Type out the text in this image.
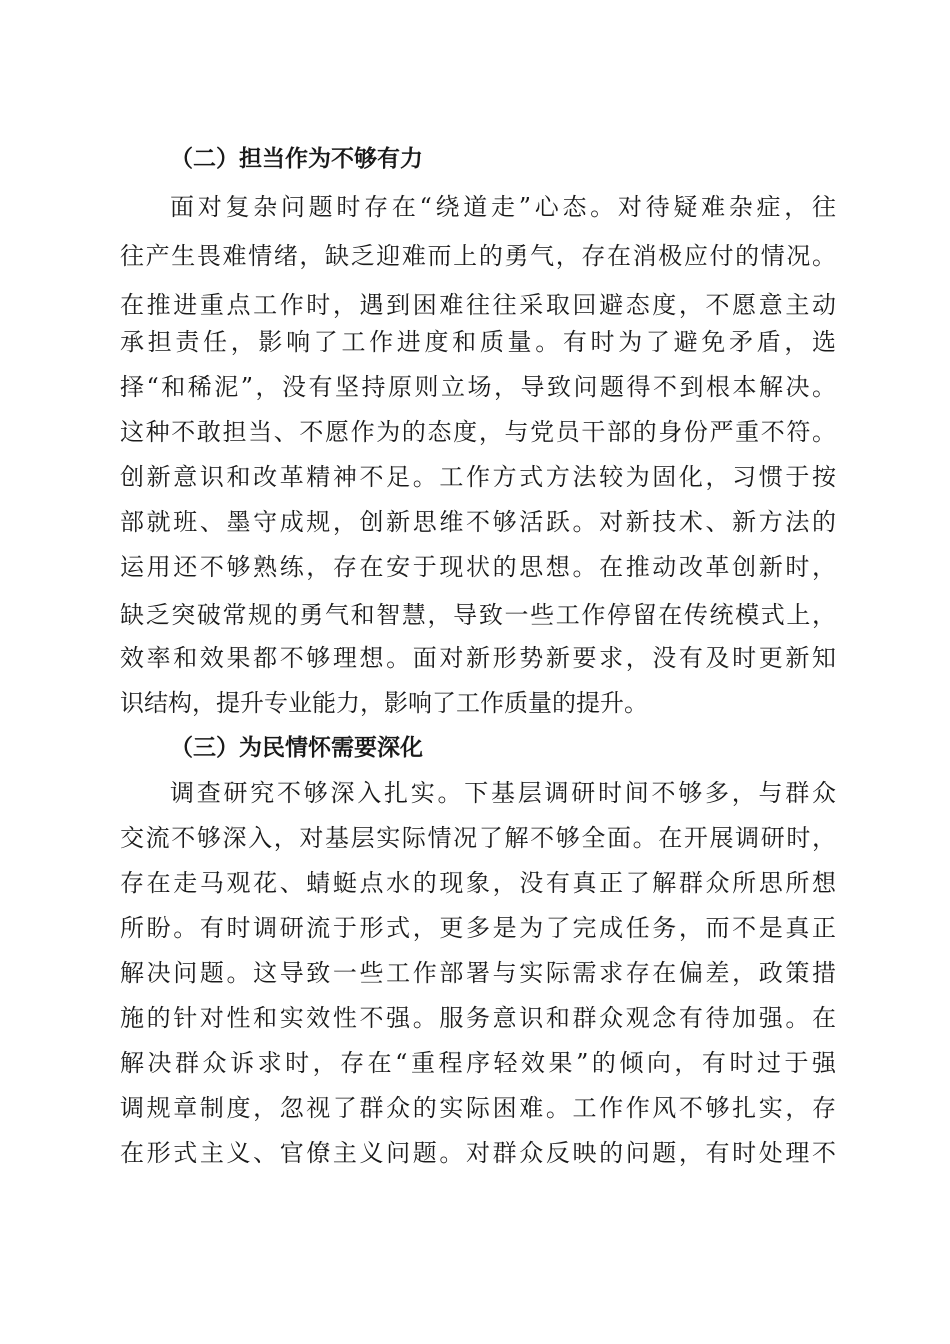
（二）担当作为不够有力
面对复杂问题时存在“绕道走”心态。对待疑难杂症，往
往产生畏难情绪，缺乏迎难而上的勇气，存在消极应付的情况。
在推进重点工作时，遇到困难往往采取回避态度，不愿意主动
承担责任，影响了工作进度和质量。有时为了避免矛盾，选
择“和稀泥”，没有坚持原则立场，导致问题得不到根本解决。
这种不敢担当、不愿作为的态度，与党员干部的身份严重不符。
创新意识和改革精神不足。工作方式方法较为固化，习惯于按
部就班、墨守成规，创新思维不够活跃。对新技术、新方法的
运用还不够熟练，存在安于现状的思想。在推动改革创新时，
缺乏突破常规的勇气和智慧，导致一些工作停留在传统模式上，
效率和效果都不够理想。面对新形势新要求，没有及时更新知
识结构，提升专业能力，影响了工作质量的提升。
（三）为民情怀需要深化
调查研究不够深入扎实。下基层调研时间不够多，与群众
交流不够深入，对基层实际情况了解不够全面。在开展调研时，
存在走马观花、蜻蜓点水的现象，没有真正了解群众所思所想
所盼。有时调研流于形式，更多是为了完成任务，而不是真正
解决问题。这导致一些工作部署与实际需求存在偏差，政策措
施的针对性和实效性不强。服务意识和群众观念有待加强。在
解决群众诉求时，存在“重程序轻效果”的倾向，有时过于强
调规章制度，忽视了群众的实际困难。工作作风不够扎实，存
在形式主义、官僚主义问题。对群众反映的问题，有时处理不
